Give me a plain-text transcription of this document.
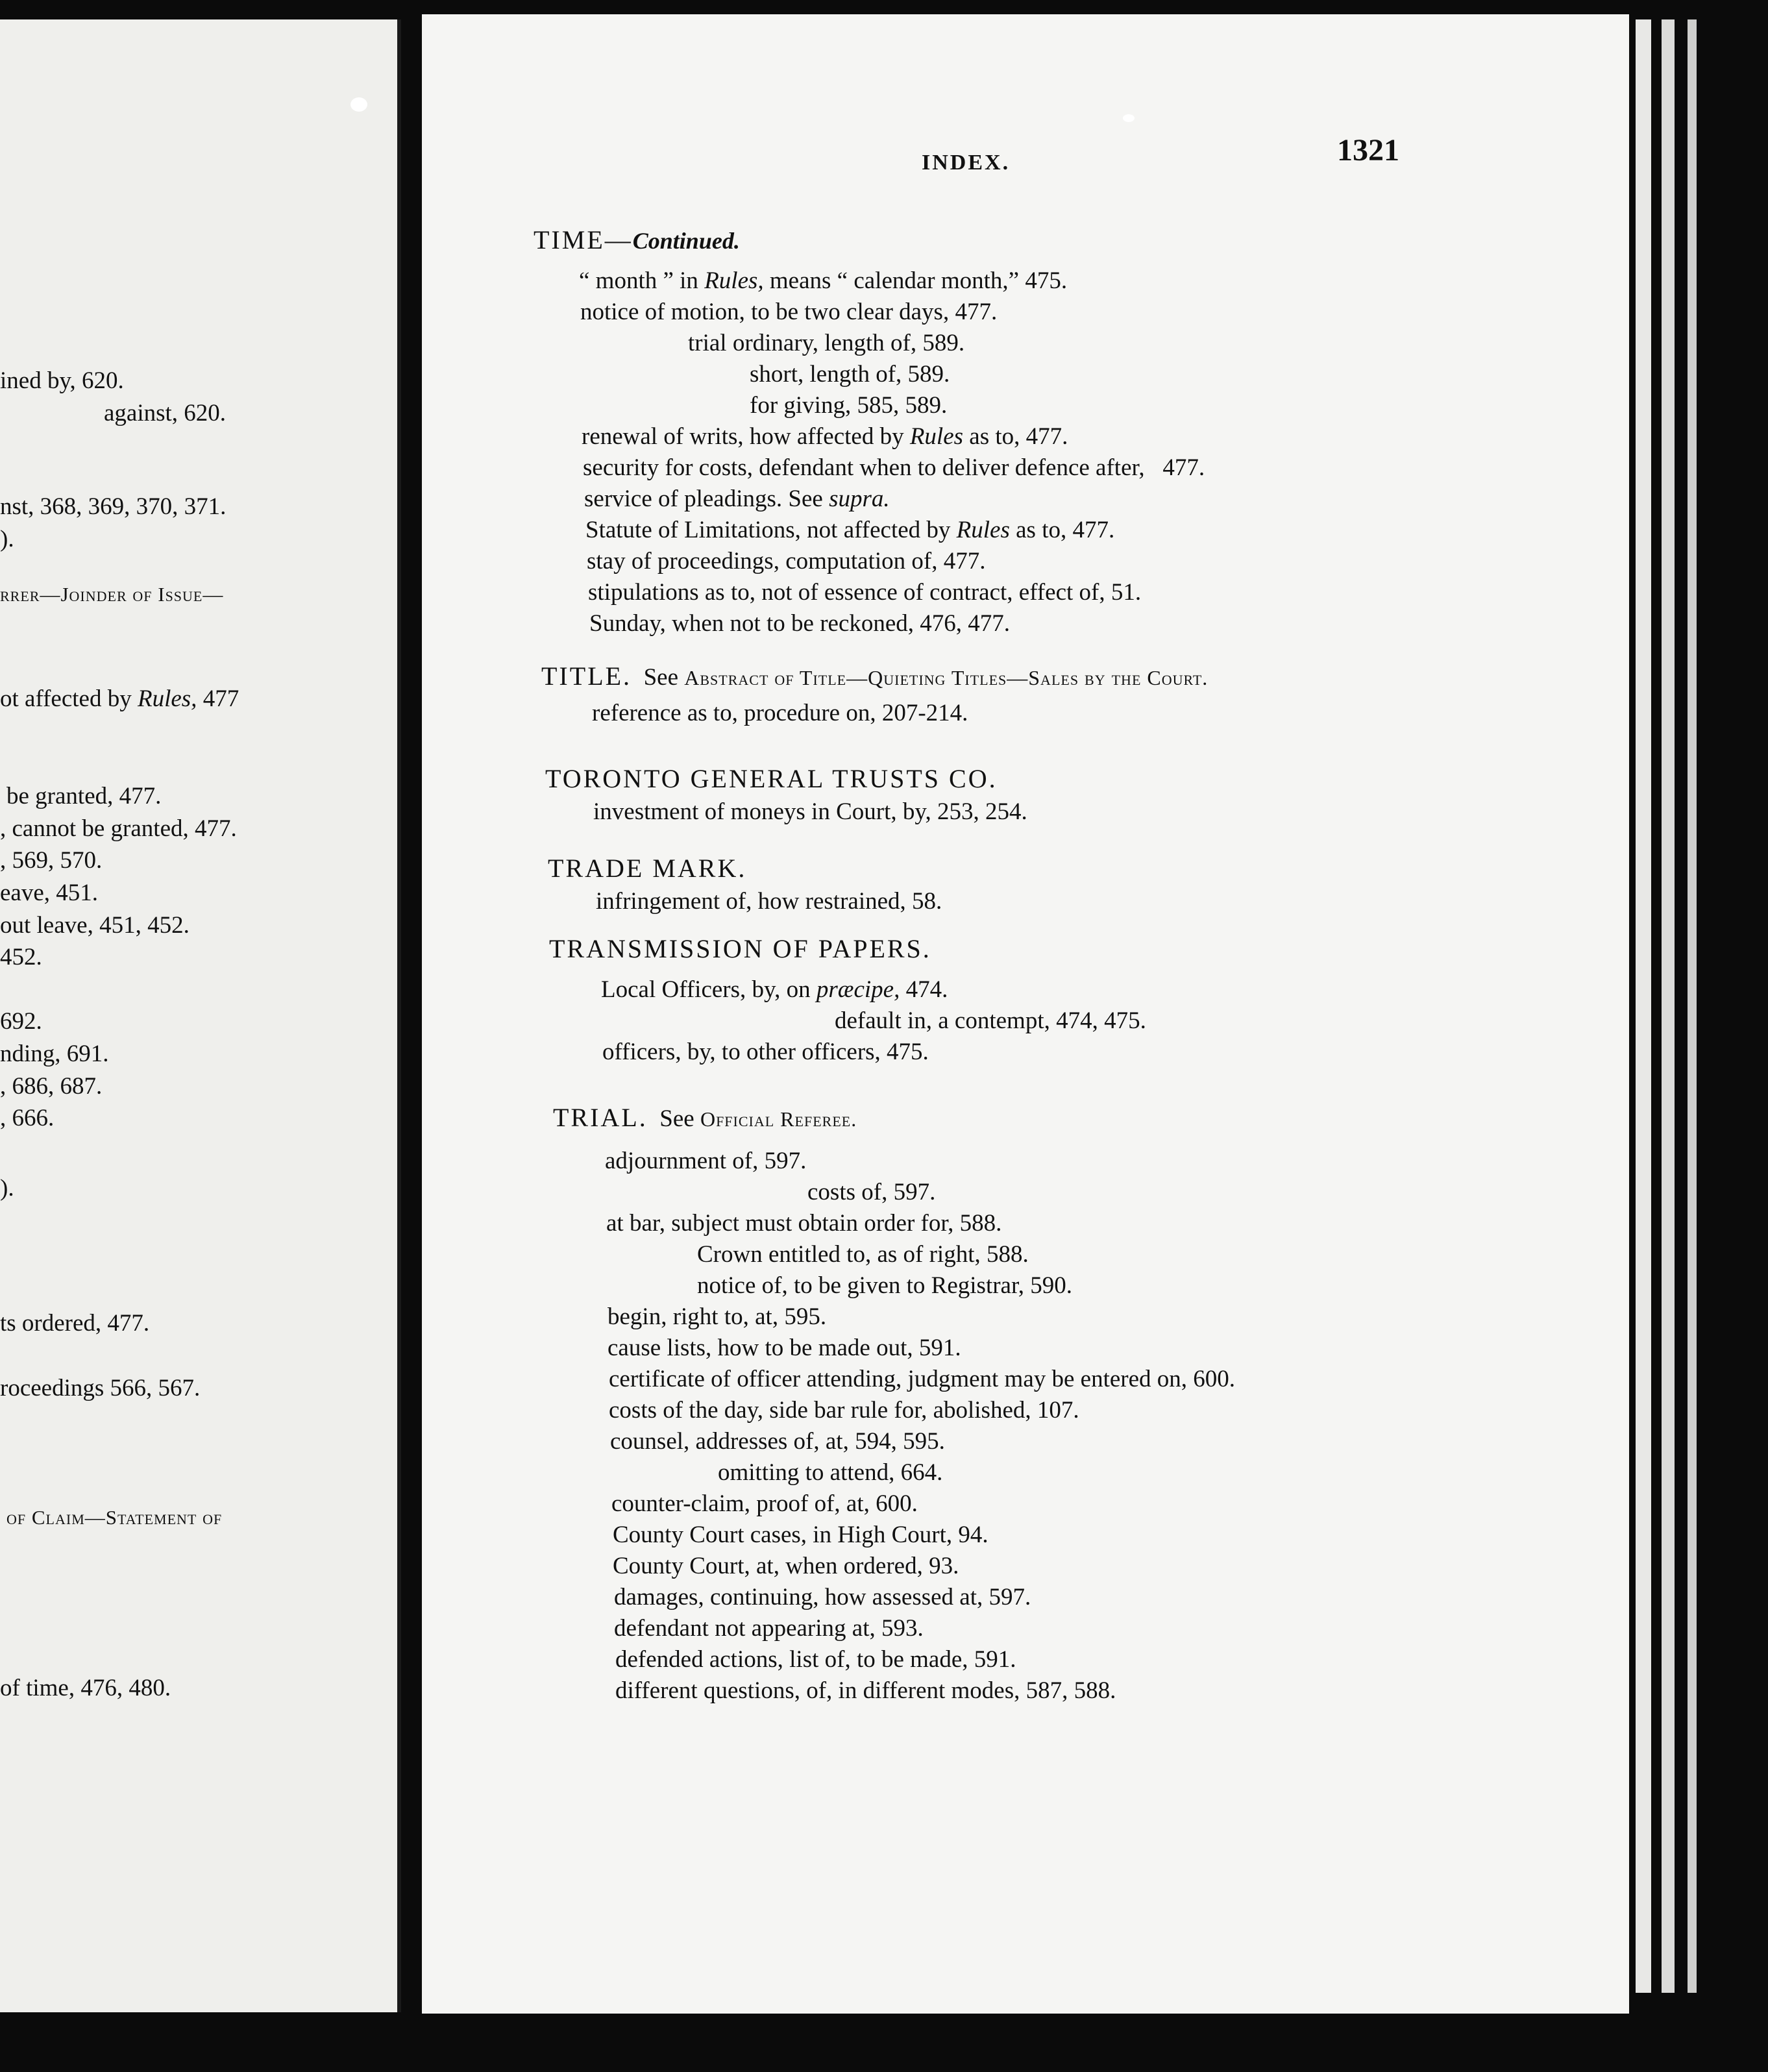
ined by, 620.
against, 620.
nst, 368, 369, 370, 371.
).
rrer—Joinder of Issue—
ot affected by Rules, 477
be granted, 477.
, cannot be granted, 477.
, 569, 570.
eave, 451.
out leave, 451, 452.
452.
692.
nding, 691.
, 686, 687.
, 666.
).
ts ordered, 477.
roceedings 566, 567.
of Claim—Statement of
of time, 476, 480.
INDEX.	1321
TIME—Continued.
“ month ” in Rules, means “ calendar month,” 475.
notice of motion, to be two clear days, 477.
trial ordinary, length of, 589.
short, length of, 589.
for giving, 585, 589.
renewal of writs, how affected by Rules as to, 477.
security for costs, defendant when to deliver defence after, 477.
service of pleadings. See supra.
Statute of Limitations, not affected by Rules as to, 477.
stay of proceedings, computation of, 477.
stipulations as to, not of essence of contract, effect of, 51.
Sunday, when not to be reckoned, 476, 477.
TITLE. See Abstract of Title—Quieting Titles—Sales by the Court.
reference as to, procedure on, 207-214.
TORONTO GENERAL TRUSTS CO.
investment of moneys in Court, by, 253, 254.
TRADE MARK.
infringement of, how restrained, 58.
TRANSMISSION OF PAPERS.
Local Officers, by, on præcipe, 474.
default in, a contempt, 474, 475.
officers, by, to other officers, 475.
TRIAL. See Official Referee.
adjournment of, 597.
costs of, 597.
at bar, subject must obtain order for, 588.
Crown entitled to, as of right, 588.
notice of, to be given to Registrar, 590.
begin, right to, at, 595.
cause lists, how to be made out, 591.
certificate of officer attending, judgment may be entered on, 600.
costs of the day, side bar rule for, abolished, 107.
counsel, addresses of, at, 594, 595.
omitting to attend, 664.
counter-claim, proof of, at, 600.
County Court cases, in High Court, 94.
County Court, at, when ordered, 93.
damages, continuing, how assessed at, 597.
defendant not appearing at, 593.
defended actions, list of, to be made, 591.
different questions, of, in different modes, 587, 588.
